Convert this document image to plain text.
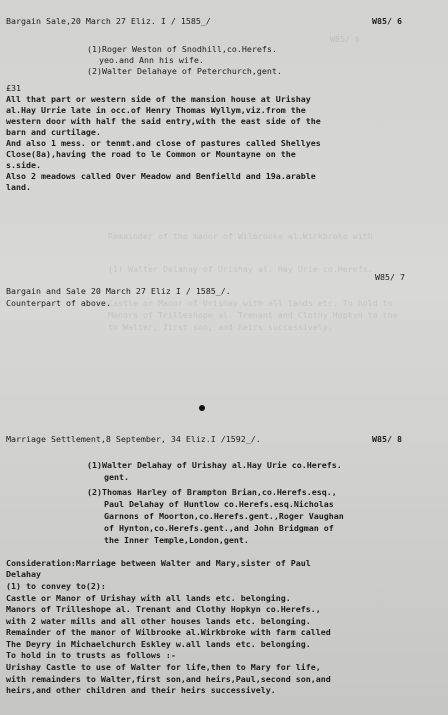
W85/ 6
Remainder of the manor of Wilbrooke al.Wirkbroke with
(1) Walter Delahay of Urishay al. Hay Urie co.Herefs.
Castle or Manor of Urishay with all lands etc. To hold to
Manors of Trilleshope al. Trenant and Clothy Hopkyn to the
to Walter, first son, and heirs successively.
Bargain Sale,20 March 27 Eliz. I / 1585_/	W85/ 6
(1)Roger Weston of Snodhill,co.Herefs.
yeo.and Ann his wife.
(2)Walter Delahaye of Peterchurch,gent.
£31
All that part or western side of the mansion house at Urishay
al.Hay Urrie late in occ.of Henry Thomas Wyllym,viz.from the
western door with half the said entry,with the east side of the
barn and curtilage.
And also 1 mess. or tenmt.and close of pastures called Shellyes
Close(8a),having the road to le Common or Mountayne on the
s.side.
Also 2 meadows called Over Meadow and Benfielld and 19a.arable
land.
W85/ 7
Bargain and Sale 20 March 27 Eliz I / 1585_/.
Counterpart of above.
Marriage Settlement,8 September, 34 Eliz.I /1592_/.	W85/ 8
(1)Walter Delahay of Urishay al.Hay Urie co.Herefs.
gent.
(2)Thomas Harley of Brampton Brian,co.Herefs.esq.,
Paul Delahay of Huntlow co.Herefs.esq.Nicholas
Garnons of Moorton,co.Herefs.gent.,Roger Vaughan
of Hynton,co.Herefs.gent.,and John Bridgman of
the Inner Temple,London,gent.
Consideration:Marriage between Walter and Mary,sister of Paul
Delahay
(1) to convey to(2):
Castle or Manor of Urishay with all lands etc. belonging.
Manors of Trilleshope al. Trenant and Clothy Hopkyn co.Herefs.,
with 2 water mills and all other houses lands etc. belonging.
Remainder of the manor of Wilbrooke al.Wirkbroke with farm called
The Deyry in Michaelchurch Eskley w.all lands etc. belonging.
To hold in to trusts as follows :-
Urishay Castle to use of Walter for life,then to Mary for life,
with remainders to Walter,first son,and heirs,Paul,second son,and
heirs,and other children and their heirs successively.
